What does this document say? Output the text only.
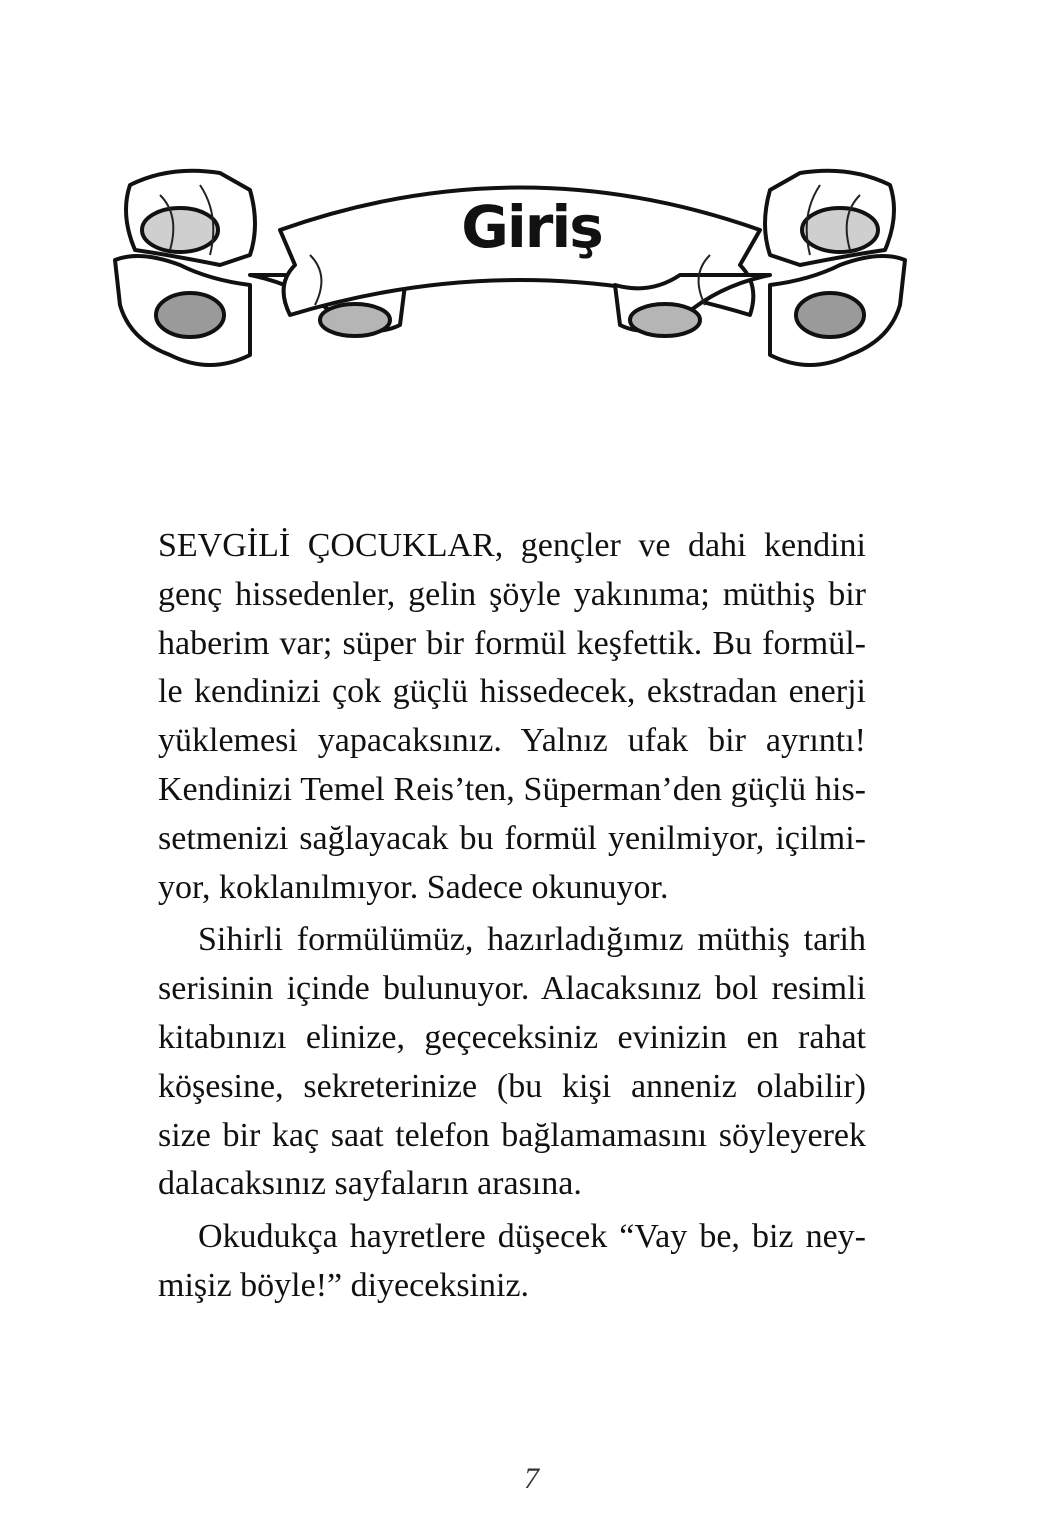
Giriş

SEVGİLİ ÇOCUKLAR, gençler ve dahi kendini genç hissedenler, gelin şöyle yakınıma; müthiş bir haberim var; süper bir formül keşfettik. Bu formülle kendinizi çok güçlü hissedecek, ekstradan enerji yüklemesi yapacaksınız. Yalnız ufak bir ayrıntı! Kendinizi Temel Reis’ten, Süperman’den güçlü hissetmenizi sağlayacak bu formül yenilmiyor, içilmiyor, koklanılmıyor. Sadece okunuyor.

Sihirli formülümüz, hazırladığımız müthiş tarih serisinin içinde bulunuyor. Alacaksınız bol resimli kitabınızı elinize, geçeceksiniz evinizin en rahat köşesine, sekreterinize (bu kişi anneniz olabilir) size bir kaç saat telefon bağlamamasını söyleyerek dalacaksınız sayfaların arasına.

Okudukça hayretlere düşecek “Vay be, biz neymişiz böyle!” diyeceksiniz.

7
